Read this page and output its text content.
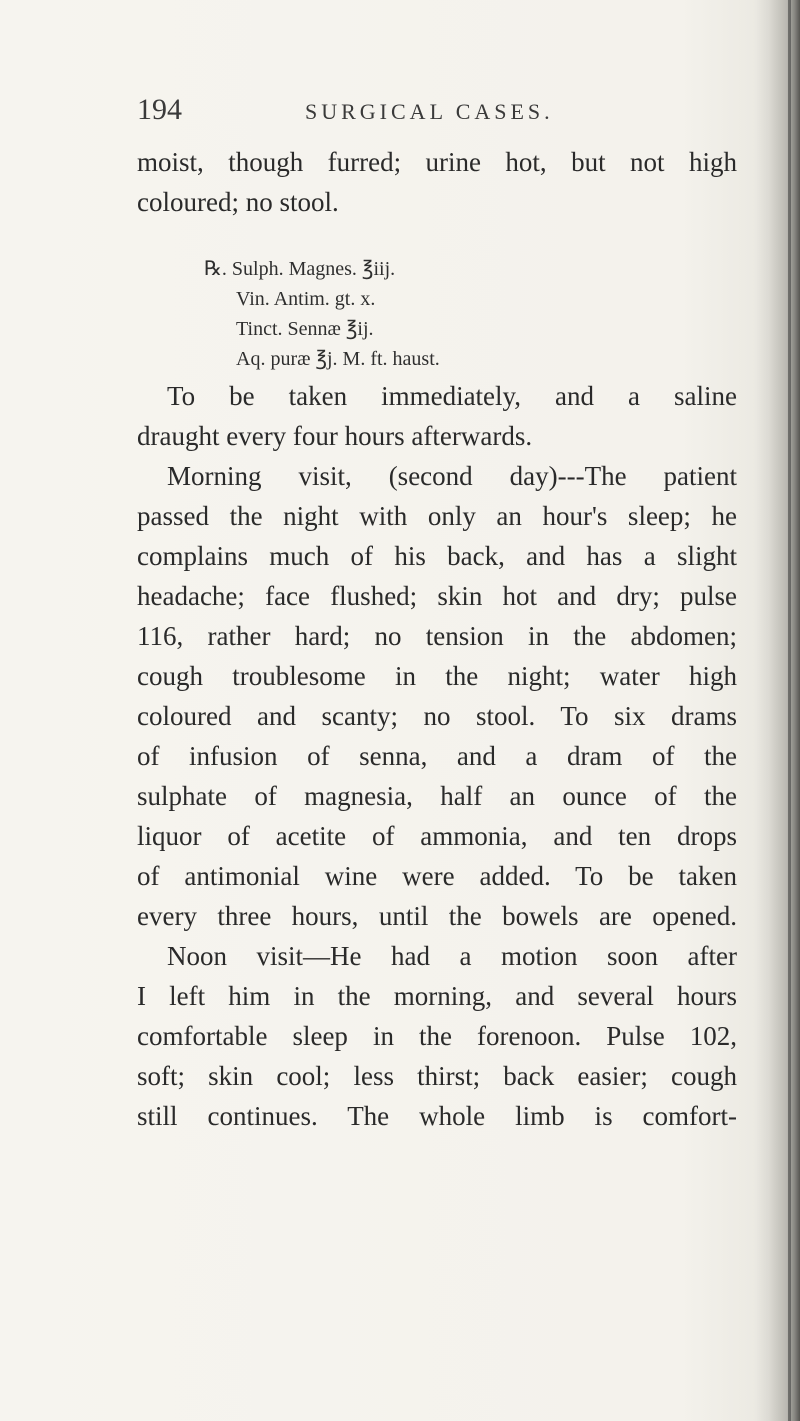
194	SURGICAL CASES.
moist, though furred; urine hot, but not high
coloured; no stool.
℞. Sulph. Magnes. ℥iij.
Vin. Antim. gt. x.
Tinct. Sennæ ℥ij.
Aq. puræ ℥j. M. ft. haust.
To be taken immediately, and a saline
draught every four hours afterwards.
Morning visit, (second day)---The patient
passed the night with only an hour's sleep; he
complains much of his back, and has a slight
headache; face flushed; skin hot and dry; pulse
116, rather hard; no tension in the abdomen;
cough troublesome in the night; water high
coloured and scanty; no stool. To six drams
of infusion of senna, and a dram of the
sulphate of magnesia, half an ounce of the
liquor of acetite of ammonia, and ten drops
of antimonial wine were added. To be taken
every three hours, until the bowels are opened.
Noon visit—He had a motion soon after
I left him in the morning, and several hours
comfortable sleep in the forenoon. Pulse 102,
soft; skin cool; less thirst; back easier; cough
still continues. The whole limb is comfort-
